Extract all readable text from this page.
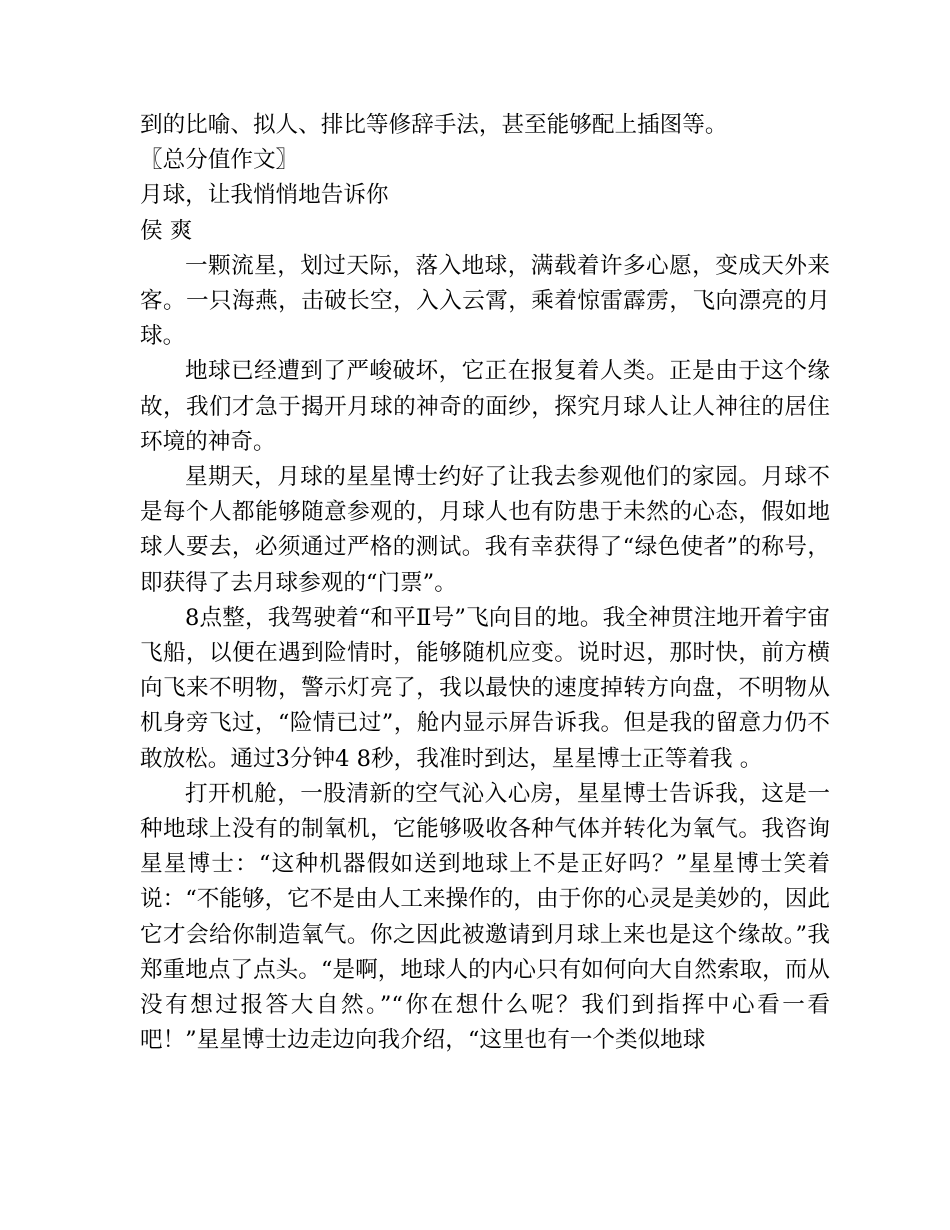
到的比喻、拟人、排比等修辞手法，甚至能够配上插图等。

〖总分值作文〗

月球，让我悄悄地告诉你

侯 爽

一颗流星，划过天际，落入地球，满载着许多心愿，变成天外来客。一只海燕，击破长空，入入云霄，乘着惊雷霹雳，飞向漂亮的月球。

地球已经遭到了严峻破坏，它正在报复着人类。正是由于这个缘故，我们才急于揭开月球的神奇的面纱，探究月球人让人神往的居住环境的神奇。

星期天，月球的星星博士约好了让我去参观他们的家园。月球不是每个人都能够随意参观的，月球人也有防患于未然的心态，假如地球人要去，必须通过严格的测试。我有幸获得了“绿色使者”的称号，即获得了去月球参观的“门票”。

8点整，我驾驶着“和平Ⅱ号”飞向目的地。我全神贯注地开着宇宙飞船，以便在遇到险情时，能够随机应变。说时迟，那时快，前方横向飞来不明物，警示灯亮了，我以最快的速度掉转方向盘，不明物从机身旁飞过，“险情已过”，舱内显示屏告诉我。但是我的留意力仍不敢放松。通过3分钟4 8秒，我准时到达，星星博士正等着我 。

打开机舱，一股清新的空气沁入心房，星星博士告诉我，这是一种地球上没有的制氧机，它能够吸收各种气体并转化为氧气。我咨询星星博士：“这种机器假如送到地球上不是正好吗？”星星博士笑着说：“不能够，它不是由人工来操作的，由于你的心灵是美妙的，因此它才会给你制造氧气。你之因此被邀请到月球上来也是这个缘故。”我郑重地点了点头。“是啊，地球人的内心只有如何向大自然索取，而从没有想过报答大自然。”“你在想什么呢？我们到指挥中心看一看吧！”星星博士边走边向我介绍，“这里也有一个类似地球
